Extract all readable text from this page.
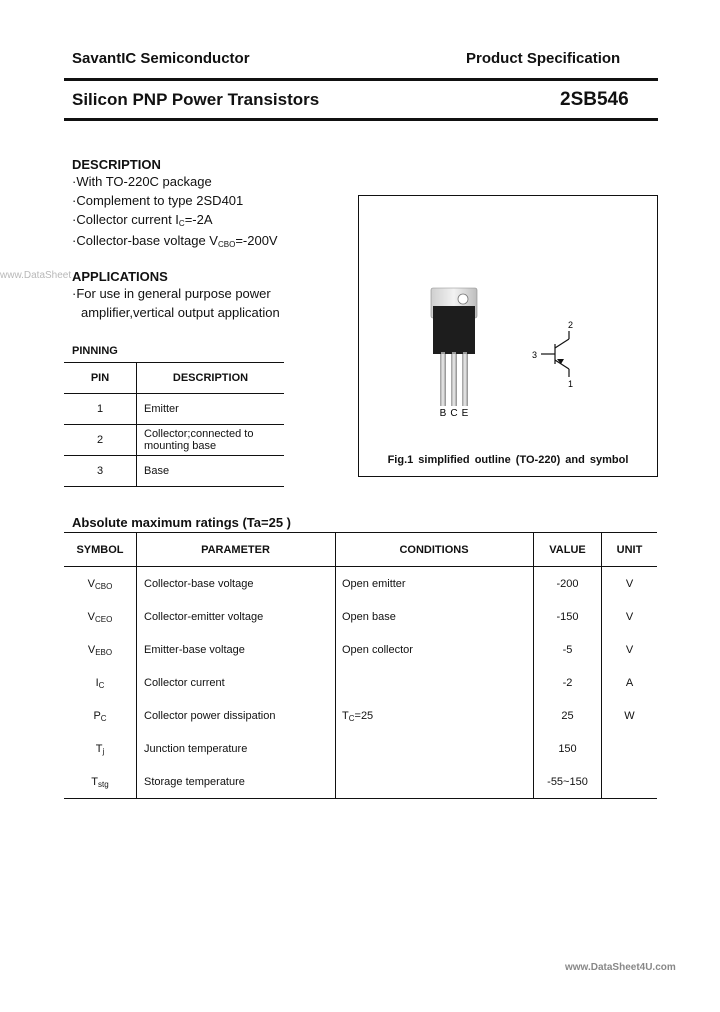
SavantIC Semiconductor	Product Specification
Silicon PNP Power Transistors	2SB546
www.DataSheet
DESCRIPTION
·With TO-220C package
·Complement to type 2SD401
·Collector current IC=-2A
·Collector-base voltage VCBO=-200V
APPLICATIONS
·For use in general purpose power
amplifier,vertical output application
PINNING
PIN	DESCRIPTION
1	Emitter
2	Collector;connected to mounting base
3	Base
B C E
3
2
1
Fig.1 simplified outline (TO-220) and symbol
Absolute maximum ratings (Ta=25 )
SYMBOL	PARAMETER	CONDITIONS	VALUE	UNIT
VCBO	Collector-base voltage	Open emitter	-200	V
VCEO	Collector-emitter voltage	Open base	-150	V
VEBO	Emitter-base voltage	Open collector	-5	V
IC	Collector current		-2	A
PC	Collector power dissipation	TC=25	25	W
Tj	Junction temperature		150	
Tstg	Storage temperature		-55~150	
www.DataSheet4U.com
